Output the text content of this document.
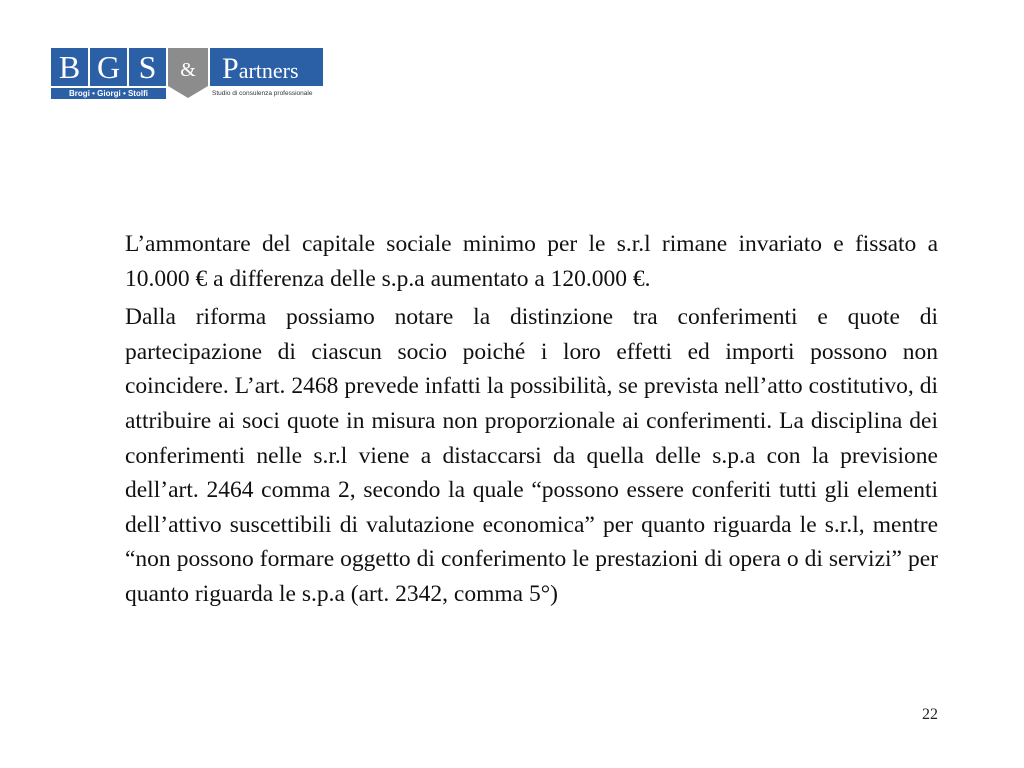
B G S	& Partners
Brogi • Giorgi • Stolfi	Studio di consulenza professionale

L’ammontare del capitale sociale minimo per le s.r.l rimane invariato e fissato a 10.000 € a differenza delle s.p.a aumentato a 120.000 €.

Dalla riforma possiamo notare la distinzione tra conferimenti e quote di partecipazione di ciascun socio poiché i loro effetti ed importi possono non coincidere. L’art. 2468 prevede infatti la possibilità, se prevista nell’atto costitutivo, di attribuire ai soci quote in misura non proporzionale ai conferimenti. La disciplina dei conferimenti nelle s.r.l viene a distaccarsi da quella delle s.p.a con la previsione dell’art. 2464 comma 2, secondo la quale “possono essere conferiti tutti gli elementi dell’attivo suscettibili di valutazione economica” per quanto riguarda le s.r.l, mentre “non possono formare oggetto di conferimento le prestazioni di opera o di servizi” per quanto riguarda le s.p.a (art. 2342, comma 5°)

22
